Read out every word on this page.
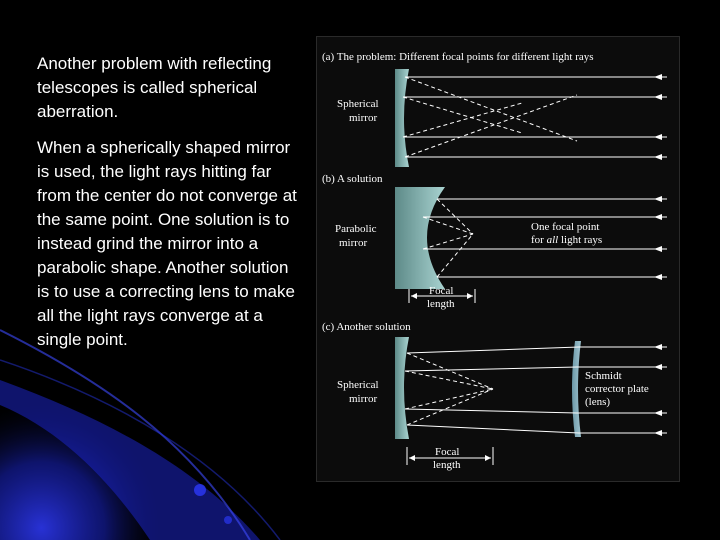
Another problem with reflecting telescopes is called spherical aberration.

When a spherically shaped mirror is used, the light rays hitting far from the center do not converge at the same point. One solution is to instead grind the mirror into a parabolic shape. Another solution is to use a correcting lens to make all the light rays converge at a single point.

(a) The problem: Different focal points for different light rays
Spherical
mirror
(b) A solution
Parabolic
mirror
One focal point
for all light rays
Focal
length
(c) Another solution
Spherical
mirror
Schmidt
corrector plate
(lens)
Focal
length
